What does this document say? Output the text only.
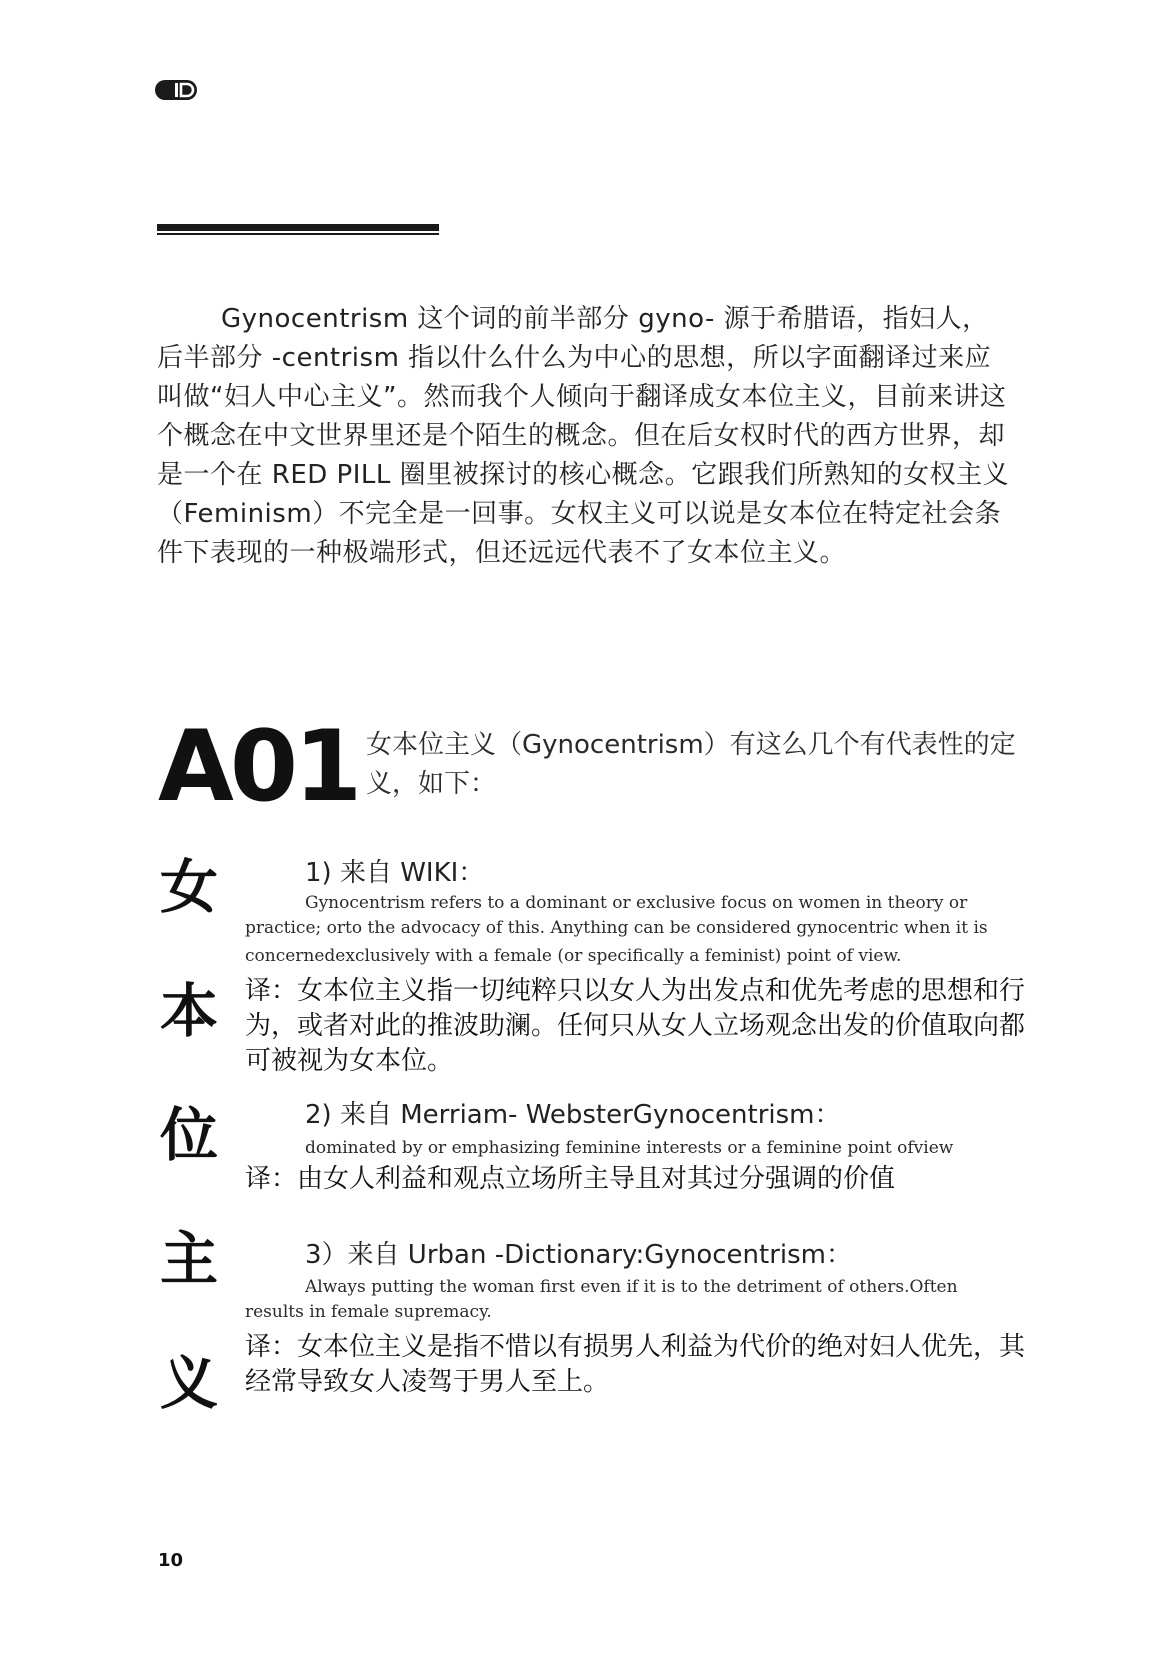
Gynocentrism 这个词的前半部分 gyno- 源于希腊语，指妇人，后半部分 -centrism 指以什么什么为中心的思想，所以字面翻译过来应叫做“妇人中心主义”。然而我个人倾向于翻译成女本位主义，目前来讲这个概念在中文世界里还是个陌生的概念。但在后女权时代的西方世界，却是一个在 RED PILL 圈里被探讨的核心概念。它跟我们所熟知的女权主义（Feminism）不完全是一回事。女权主义可以说是女本位在特定社会条件下表现的一种极端形式，但还远远代表不了女本位主义。

A01 女本位主义（Gynocentrism）有这么几个有代表性的定义，如下：
女
本
位
主
义
1) 来自 WIKI：
Gynocentrism refers to a dominant or exclusive focus on women in theory or
practice; orto the advocacy of this. Anything can be considered gynocentric when it is
concernedexclusively with a female (or specifically a feminist) point of view.
译：女本位主义指一切纯粹只以女人为出发点和优先考虑的思想和行为，或者对此的推波助澜。任何只从女人立场观念出发的价值取向都可被视为女本位。
2) 来自 Merriam- WebsterGynocentrism：
dominated by or emphasizing feminine interests or a feminine point ofview
译：由女人利益和观点立场所主导且对其过分强调的价值
3）来自 Urban -Dictionary:Gynocentrism：
Always putting the woman first even if it is to the detriment of others.Often
results in female supremacy.
译：女本位主义是指不惜以有损男人利益为代价的绝对妇人优先，其经常导致女人凌驾于男人至上。
10
